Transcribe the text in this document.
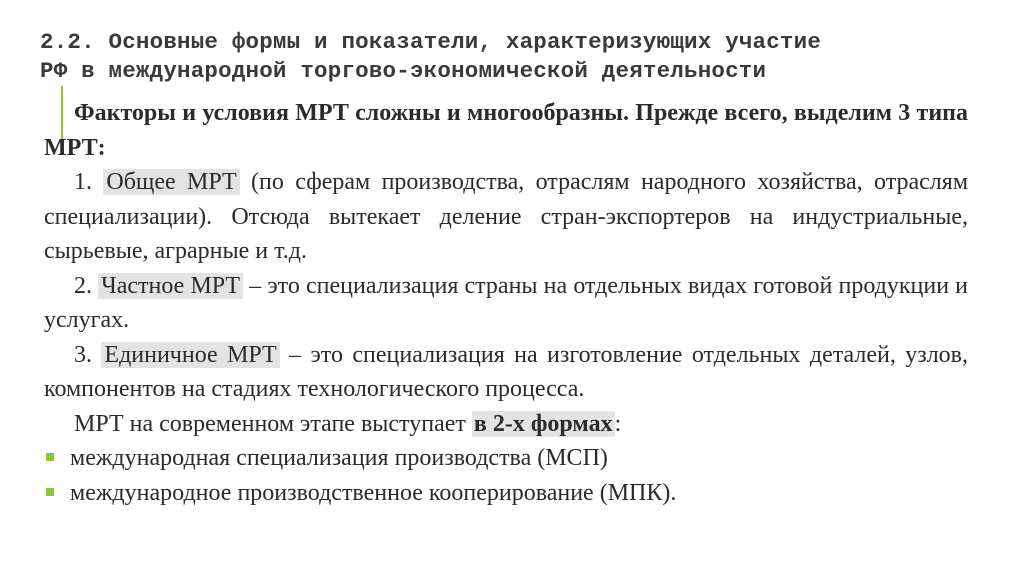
2.2. Основные формы и показатели, характеризующих участие
РФ в международной торгово-экономической деятельности

Факторы и условия МРТ сложны и многообразны. Прежде всего, выделим 3 типа МРТ:

1. Общее МРТ (по сферам производства, отраслям народного хозяйства, отраслям специализации). Отсюда вытекает деление стран-экспортеров на индустриальные, сырьевые, аграрные и т.д.

2. Частное МРТ – это специализация страны на отдельных видах готовой продукции и услугах.

3. Единичное МРТ – это специализация на изготовление отдельных деталей, узлов, компонентов на стадиях технологического процесса.

МРТ на современном этапе выступает в 2-х формах:

международная специализация производства (МСП)
международное производственное кооперирование (МПК).
